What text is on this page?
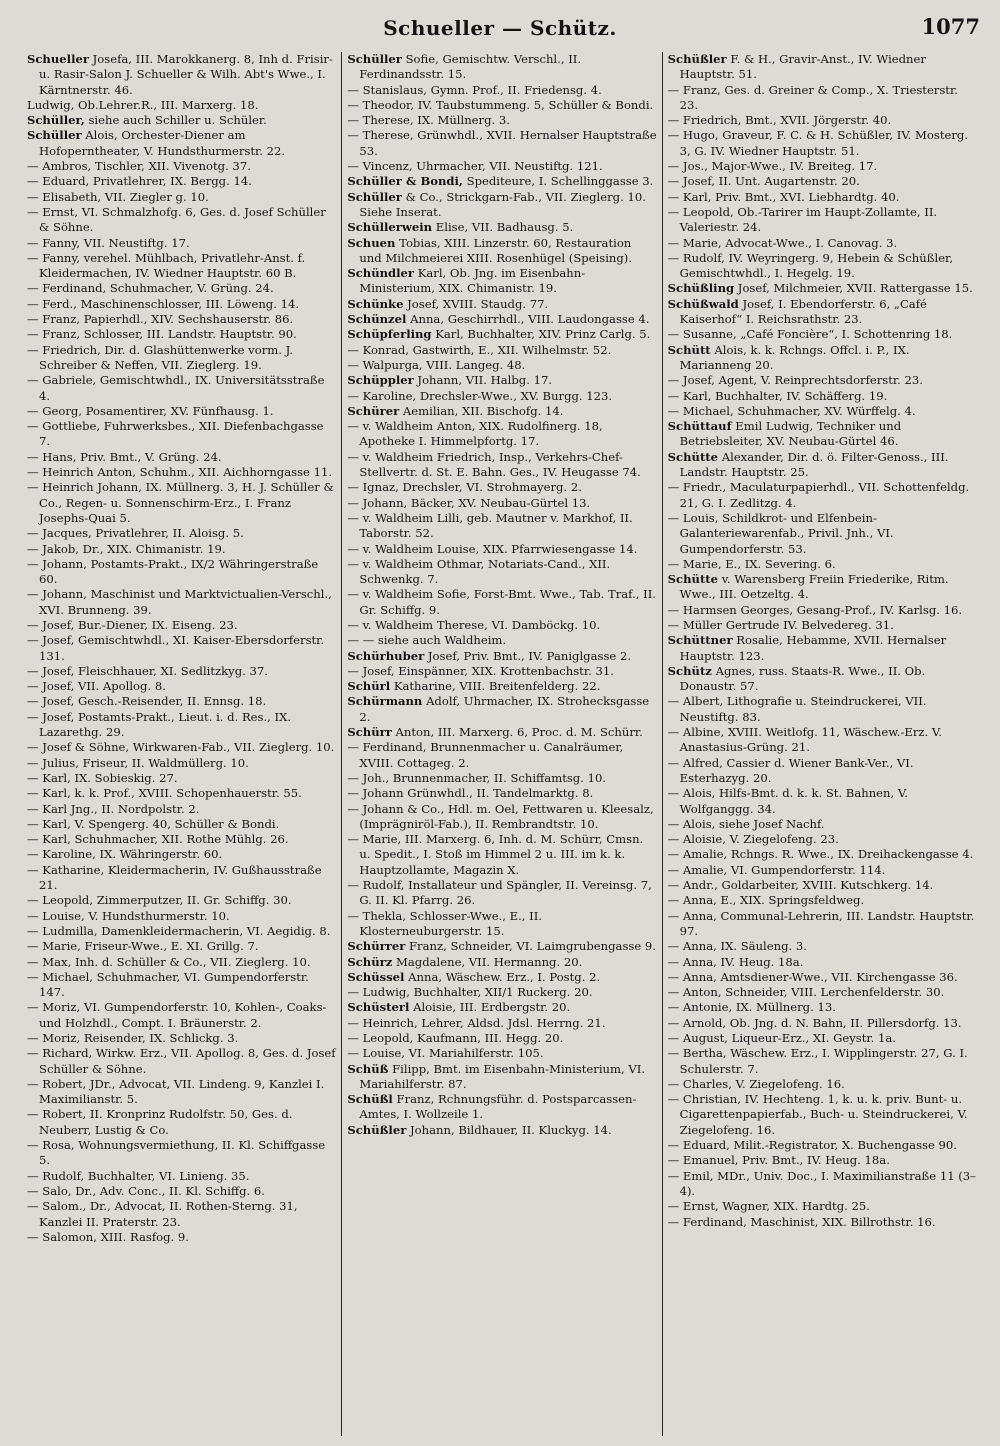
Schueller — Schütz.	1077
Schueller Josefa, III. Marokkanerg. 8, Inh d. Frisir- u. Rasir-Salon J. Schueller & Wilh. Abt's Wwe., I. Kärntnerstr. 46.
Ludwig, Ob.Lehrer.R., III. Marxerg. 18.
Schüller, siehe auch Schiller u. Schüler.
Schüller Alois, Orchester-Diener am Hofoperntheater, V. Hundsthurmerstr. 22.
— Ambros, Tischler, XII. Vivenotg. 37.
— Eduard, Privatlehrer, IX. Bergg. 14.
— Elisabeth, VII. Ziegler g. 10.
— Ernst, VI. Schmalzhofg. 6, Ges. d. Josef Schüller & Söhne.
— Fanny, VII. Neustiftg. 17.
— Fanny, verehel. Mühlbach, Privatlehr-Anst. f. Kleidermachen, IV. Wiedner Hauptstr. 60 B.
— Ferdinand, Schuhmacher, V. Grüng. 24.
— Ferd., Maschinenschlosser, III. Löweng. 14.
— Franz, Papierhdl., XIV. Sechshauserstr. 86.
— Franz, Schlosser, III. Landstr. Hauptstr. 90.
— Friedrich, Dir. d. Glashüttenwerke vorm. J. Schreiber & Neffen, VII. Zieglerg. 19.
— Gabriele, Gemischtwhdl., IX. Universitätsstraße 4.
— Georg, Posamentirer, XV. Fünfhausg. 1.
— Gottliebe, Fuhrwerksbes., XII. Diefenbachgasse 7.
— Hans, Priv. Bmt., V. Grüng. 24.
— Heinrich Anton, Schuhm., XII. Aichhorngasse 11.
— Heinrich Johann, IX. Müllnerg. 3, H. J. Schüller & Co., Regen- u. Sonnenschirm-Erz., I. Franz Josephs-Quai 5.
— Jacques, Privatlehrer, II. Aloisg. 5.
— Jakob, Dr., XIX. Chimanistr. 19.
— Johann, Postamts-Prakt., IX/2 Währingerstraße 60.
— Johann, Maschinist und Marktvictualien-Verschl., XVI. Brunneng. 39.
— Josef, Bur.-Diener, IX. Eiseng. 23.
— Josef, Gemischtwhdl., XI. Kaiser-Ebersdorferstr. 131.
— Josef, Fleischhauer, XI. Sedlitzkyg. 37.
— Josef, VII. Apollog. 8.
— Josef, Gesch.-Reisender, II. Ennsg. 18.
— Josef, Postamts-Prakt., Lieut. i. d. Res., IX. Lazarethg. 29.
— Josef & Söhne, Wirkwaren-Fab., VII. Zieglerg. 10.
— Julius, Friseur, II. Waldmüllerg. 10.
— Karl, IX. Sobieskig. 27.
— Karl, k. k. Prof., XVIII. Schopenhauerstr. 55.
— Karl Jng., II. Nordpolstr. 2.
— Karl, V. Spengerg. 40, Schüller & Bondi.
— Karl, Schuhmacher, XII. Rothe Mühlg. 26.
— Karoline, IX. Währingerstr. 60.
— Katharine, Kleidermacherin, IV. Gußhausstraße 21.
— Leopold, Zimmerputzer, II. Gr. Schiffg. 30.
— Louise, V. Hundsthurmerstr. 10.
— Ludmilla, Damenkleidermacherin, VI. Aegidig. 8.
— Marie, Friseur-Wwe., E. XI. Grillg. 7.
— Max, Inh. d. Schüller & Co., VII. Zieglerg. 10.
— Michael, Schuhmacher, VI. Gumpendorferstr. 147.
— Moriz, VI. Gumpendorferstr. 10, Kohlen-, Coaks- und Holzhdl., Compt. I. Bräunerstr. 2.
— Moriz, Reisender, IX. Schlickg. 3.
— Richard, Wirkw. Erz., VII. Apollog. 8, Ges. d. Josef Schüller & Söhne.
— Robert, JDr., Advocat, VII. Lindeng. 9, Kanzlei I. Maximilianstr. 5.
— Robert, II. Kronprinz Rudolfstr. 50, Ges. d. Neuberr, Lustig & Co.
— Rosa, Wohnungsvermiethung, II. Kl. Schiffgasse 5.
— Rudolf, Buchhalter, VI. Linieng. 35.
— Salo, Dr., Adv. Conc., II. Kl. Schiffg. 6.
— Salom., Dr., Advocat, II. Rothen-Sterng. 31, Kanzlei II. Praterstr. 23.
— Salomon, XIII. Rasfog. 9.
Schüller Sofie, Gemischtw. Verschl., II. Ferdinandsstr. 15.
— Stanislaus, Gymn. Prof., II. Friedensg. 4.
— Theodor, IV. Taubstummeng. 5, Schüller & Bondi.
— Therese, IX. Müllnerg. 3.
— Therese, Grünwhdl., XVII. Hernalser Hauptstraße 53.
— Vincenz, Uhrmacher, VII. Neustiftg. 121.
Schüller & Bondi, Spediteure, I. Schellinggasse 3.
Schüller & Co., Strickgarn-Fab., VII. Zieglerg. 10. Siehe Inserat.
Schüllerwein Elise, VII. Badhausg. 5.
Schuen Tobias, XIII. Linzerstr. 60, Restauration und Milchmeierei XIII. Rosenhügel (Speising).
Schündler Karl, Ob. Jng. im Eisenbahn-Ministerium, XIX. Chimanistr. 19.
Schünke Josef, XVIII. Staudg. 77.
Schünzel Anna, Geschirrhdl., VIII. Laudongasse 4.
Schüpferling Karl, Buchhalter, XIV. Prinz Carlg. 5.
— Konrad, Gastwirth, E., XII. Wilhelmstr. 52.
— Walpurga, VIII. Langeg. 48.
Schüppler Johann, VII. Halbg. 17.
— Karoline, Drechsler-Wwe., XV. Burgg. 123.
Schürer Aemilian, XII. Bischofg. 14.
— v. Waldheim Anton, XIX. Rudolfinerg. 18, Apotheke I. Himmelpfortg. 17.
— v. Waldheim Friedrich, Insp., Verkehrs-Chef-Stellvertr. d. St. E. Bahn. Ges., IV. Heugasse 74.
— Ignaz, Drechsler, VI. Strohmayerg. 2.
— Johann, Bäcker, XV. Neubau-Gürtel 13.
— v. Waldheim Lilli, geb. Mautner v. Markhof, II. Taborstr. 52.
— v. Waldheim Louise, XIX. Pfarrwiesengasse 14.
— v. Waldheim Othmar, Notariats-Cand., XII. Schwenkg. 7.
— v. Waldheim Sofie, Forst-Bmt. Wwe., Tab. Traf., II. Gr. Schiffg. 9.
— v. Waldheim Therese, VI. Damböckg. 10.
— — siehe auch Waldheim.
Schürhuber Josef, Priv. Bmt., IV. Paniglgasse 2.
— Josef, Einspänner, XIX. Krottenbachstr. 31.
Schürl Katharine, VIII. Breitenfelderg. 22.
Schürmann Adolf, Uhrmacher, IX. Strohecksgasse 2.
Schürr Anton, III. Marxerg. 6, Proc. d. M. Schürr.
— Ferdinand, Brunnenmacher u. Canalräumer, XVIII. Cottageg. 2.
— Joh., Brunnenmacher, II. Schiffamtsg. 10.
— Johann Grünwhdl., II. Tandelmarktg. 8.
— Johann & Co., Hdl. m. Oel, Fettwaren u. Kleesalz, (Imprägniröl-Fab.), II. Rembrandtstr. 10.
— Marie, III. Marxerg. 6, Inh. d. M. Schürr, Cmsn. u. Spedit., I. Stoß im Himmel 2 u. III. im k. k. Hauptzollamte, Magazin X.
— Rudolf, Installateur und Spängler, II. Vereinsg. 7, G. II. Kl. Pfarrg. 26.
— Thekla, Schlosser-Wwe., E., II. Klosterneuburgerstr. 15.
Schürrer Franz, Schneider, VI. Laimgrubengasse 9.
Schürz Magdalene, VII. Hermanng. 20.
Schüssel Anna, Wäschew. Erz., I. Postg. 2.
— Ludwig, Buchhalter, XII/1 Ruckerg. 20.
Schüsterl Aloisie, III. Erdbergstr. 20.
— Heinrich, Lehrer, Aldsd. Jdsl. Herrng. 21.
— Leopold, Kaufmann, III. Hegg. 20.
— Louise, VI. Mariahilferstr. 105.
Schüß Filipp, Bmt. im Eisenbahn-Ministerium, VI. Mariahilferstr. 87.
Schüßl Franz, Rchnungsführ. d. Postsparcassen-Amtes, I. Wollzeile 1.
Schüßler Johann, Bildhauer, II. Kluckyg. 14.
Schüßler F. & H., Gravir-Anst., IV. Wiedner Hauptstr. 51.
— Franz, Ges. d. Greiner & Comp., X. Triesterstr. 23.
— Friedrich, Bmt., XVII. Jörgerstr. 40.
— Hugo, Graveur, F. C. & H. Schüßler, IV. Mosterg. 3, G. IV. Wiedner Hauptstr. 51.
— Jos., Major-Wwe., IV. Breiteg. 17.
— Josef, II. Unt. Augartenstr. 20.
— Karl, Priv. Bmt., XVI. Liebhardtg. 40.
— Leopold, Ob.-Tarirer im Haupt-Zollamte, II. Valeriestr. 24.
— Marie, Advocat-Wwe., I. Canovag. 3.
— Rudolf, IV. Weyringerg. 9, Hebein & Schüßler, Gemischtwhdl., I. Hegelg. 19.
Schüßling Josef, Milchmeier, XVII. Rattergasse 15.
Schüßwald Josef, I. Ebendorferstr. 6, „Café Kaiserhof“ I. Reichsrathstr. 23.
— Susanne, „Café Foncière“, I. Schottenring 18.
Schütt Alois, k. k. Rchngs. Offcl. i. P., IX. Marianneng 20.
— Josef, Agent, V. Reinprechtsdorferstr. 23.
— Karl, Buchhalter, IV. Schäfferg. 19.
— Michael, Schuhmacher, XV. Würffelg. 4.
Schüttauf Emil Ludwig, Techniker und Betriebsleiter, XV. Neubau-Gürtel 46.
Schütte Alexander, Dir. d. ö. Filter-Genoss., III. Landstr. Hauptstr. 25.
— Friedr., Maculaturpapierhdl., VII. Schottenfeldg. 21, G. I. Zedlitzg. 4.
— Louis, Schildkrot- und Elfenbein-Galanteriewarenfab., Privil. Jnh., VI. Gumpendorferstr. 53.
— Marie, E., IX. Severing. 6.
Schütte v. Warensberg Freiin Friederike, Ritm. Wwe., III. Oetzeltg. 4.
— Harmsen Georges, Gesang-Prof., IV. Karlsg. 16.
— Müller Gertrude IV. Belvedereg. 31.
Schüttner Rosalie, Hebamme, XVII. Hernalser Hauptstr. 123.
Schütz Agnes, russ. Staats-R. Wwe., II. Ob. Donaustr. 57.
— Albert, Lithografie u. Steindruckerei, VII. Neustiftg. 83.
— Albine, XVIII. Weitlofg. 11, Wäschew.-Erz. V. Anastasius-Grüng. 21.
— Alfred, Cassier d. Wiener Bank-Ver., VI. Esterhazyg. 20.
— Alois, Hilfs-Bmt. d. k. k. St. Bahnen, V. Wolfganggg. 34.
— Alois, siehe Josef Nachf.
— Aloisie, V. Ziegelofeng. 23.
— Amalie, Rchngs. R. Wwe., IX. Dreihackengasse 4.
— Amalie, VI. Gumpendorferstr. 114.
— Andr., Goldarbeiter, XVIII. Kutschkerg. 14.
— Anna, E., XIX. Springsfeldweg.
— Anna, Communal-Lehrerin, III. Landstr. Hauptstr. 97.
— Anna, IX. Säuleng. 3.
— Anna, IV. Heug. 18a.
— Anna, Amtsdiener-Wwe., VII. Kirchengasse 36.
— Anton, Schneider, VIII. Lerchenfelderstr. 30.
— Antonie, IX. Müllnerg. 13.
— Arnold, Ob. Jng. d. N. Bahn, II. Pillersdorfg. 13.
— August, Liqueur-Erz., XI. Geystr. 1a.
— Bertha, Wäschew. Erz., I. Wipplingerstr. 27, G. I. Schulerstr. 7.
— Charles, V. Ziegelofeng. 16.
— Christian, IV. Hechteng. 1, k. u. k. priv. Bunt- u. Cigarettenpapierfab., Buch- u. Steindruckerei, V. Ziegelofeng. 16.
— Eduard, Milit.-Registrator, X. Buchengasse 90.
— Emanuel, Priv. Bmt., IV. Heug. 18a.
— Emil, MDr., Univ. Doc., I. Maximilianstraße 11 (3–4).
— Ernst, Wagner, XIX. Hardtg. 25.
— Ferdinand, Maschinist, XIX. Billrothstr. 16.
